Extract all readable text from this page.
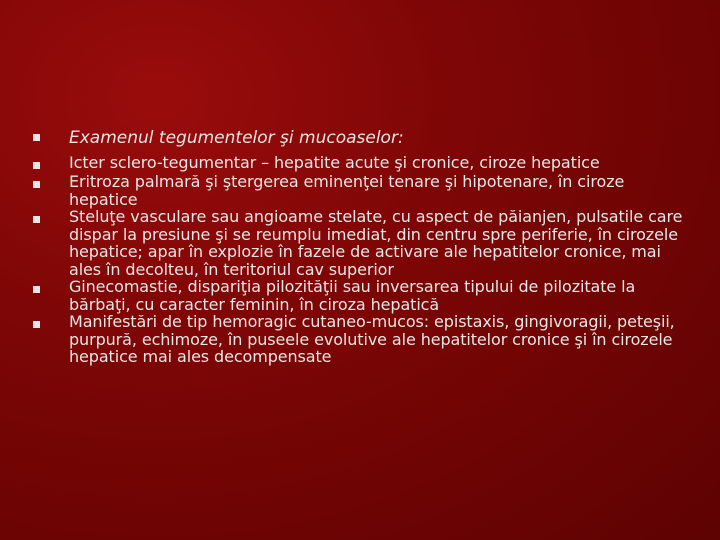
Examenul tegumentelor şi mucoaselor:
Icter sclero-tegumentar – hepatite acute şi cronice, ciroze hepatice
Eritroza palmară şi ştergerea eminenţei tenare şi hipotenare, în ciroze hepatice
Steluţe vasculare sau angioame stelate, cu aspect de păianjen, pulsatile care dispar la presiune şi se reumplu imediat, din centru spre periferie, în cirozele hepatice; apar în explozie în fazele de activare ale hepatitelor cronice, mai ales în decolteu, în teritoriul cav superior
Ginecomastie, dispariţia pilozităţii sau inversarea tipului de pilozitate la bărbaţi, cu caracter feminin, în ciroza hepatică
Manifestări de tip hemoragic cutaneo-mucos: epistaxis, gingivoragii, peteşii, purpură, echimoze, în puseele evolutive ale hepatitelor cronice şi în cirozele hepatice mai ales decompensate
